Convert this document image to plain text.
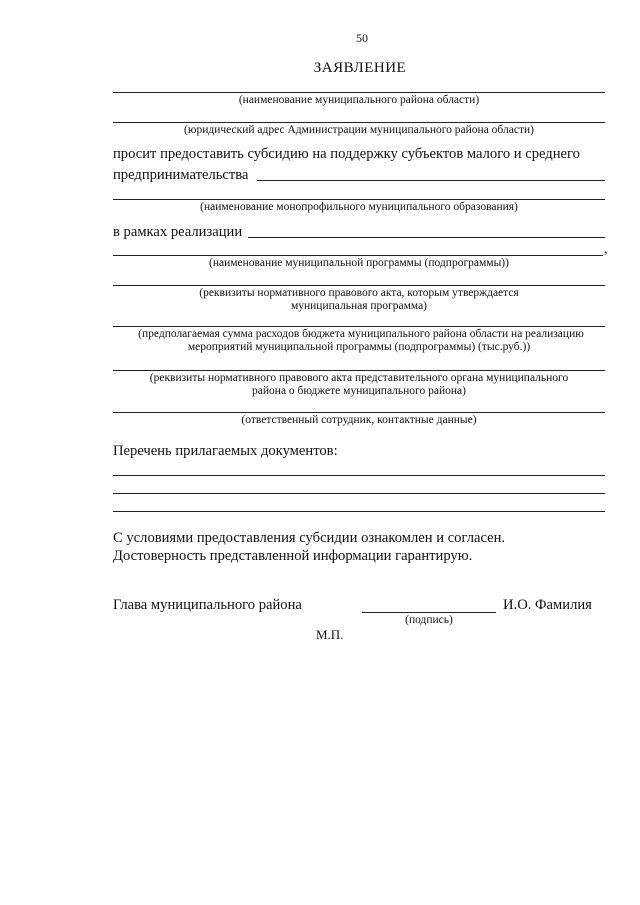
50
ЗАЯВЛЕНИЕ
(наименование муниципального района области)
(юридический адрес Администрации муниципального района области)
просит предоставить субсидию на поддержку субъектов малого и среднего
предпринимательства
(наименование монопрофильного муниципального образования)
в рамках реализации
,
(наименование муниципальной программы (подпрограммы))
(реквизиты нормативного правового акта, которым утверждается
муниципальная программа)
(предполагаемая сумма расходов бюджета муниципального района области на реализацию
мероприятий муниципальной программы (подпрограммы) (тыс.руб.))
(реквизиты нормативного правового акта представительного органа муниципального
района о бюджете муниципального района)
(ответственный сотрудник, контактные данные)
Перечень прилагаемых документов:
С условиями предоставления субсидии ознакомлен и согласен.
Достоверность представленной информации гарантирую.
Глава муниципального района	И.О. Фамилия
(подпись)
М.П.
